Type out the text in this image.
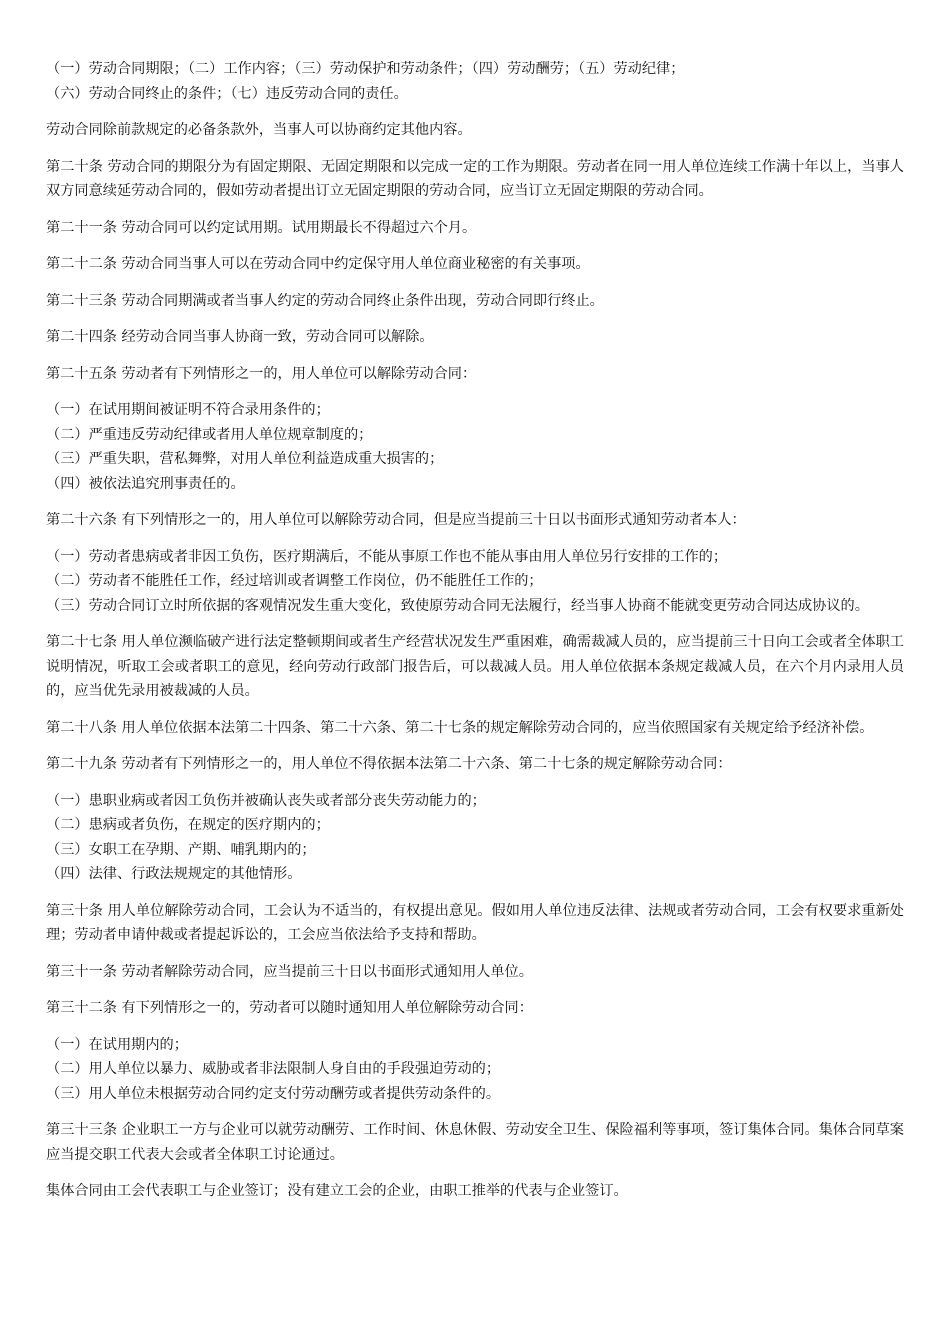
（一）劳动合同期限；（二）工作内容；（三）劳动保护和劳动条件；（四）劳动酬劳；（五）劳动纪律；
（六）劳动合同终止的条件；（七）违反劳动合同的责任。

劳动合同除前款规定的必备条款外，当事人可以协商约定其他内容。

第二十条 劳动合同的期限分为有固定期限、无固定期限和以完成一定的工作为期限。劳动者在同一用人单位连续工作满十年以上，当事人双方同意续延劳动合同的，假如劳动者提出订立无固定期限的劳动合同，应当订立无固定期限的劳动合同。

第二十一条 劳动合同可以约定试用期。试用期最长不得超过六个月。

第二十二条 劳动合同当事人可以在劳动合同中约定保守用人单位商业秘密的有关事项。

第二十三条 劳动合同期满或者当事人约定的劳动合同终止条件出现，劳动合同即行终止。

第二十四条 经劳动合同当事人协商一致，劳动合同可以解除。

第二十五条 劳动者有下列情形之一的，用人单位可以解除劳动合同：

（一）在试用期间被证明不符合录用条件的；
（二）严重违反劳动纪律或者用人单位规章制度的；
（三）严重失职，营私舞弊，对用人单位利益造成重大损害的；
（四）被依法追究刑事责任的。

第二十六条 有下列情形之一的，用人单位可以解除劳动合同，但是应当提前三十日以书面形式通知劳动者本人：

（一）劳动者患病或者非因工负伤，医疗期满后，不能从事原工作也不能从事由用人单位另行安排的工作的；
（二）劳动者不能胜任工作，经过培训或者调整工作岗位，仍不能胜任工作的；
（三）劳动合同订立时所依据的客观情况发生重大变化，致使原劳动合同无法履行，经当事人协商不能就变更劳动合同达成协议的。

第二十七条 用人单位濒临破产进行法定整顿期间或者生产经营状况发生严重困难，确需裁减人员的，应当提前三十日向工会或者全体职工说明情况，听取工会或者职工的意见，经向劳动行政部门报告后，可以裁减人员。用人单位依据本条规定裁减人员，在六个月内录用人员的，应当优先录用被裁减的人员。

第二十八条 用人单位依据本法第二十四条、第二十六条、第二十七条的规定解除劳动合同的，应当依照国家有关规定给予经济补偿。

第二十九条 劳动者有下列情形之一的，用人单位不得依据本法第二十六条、第二十七条的规定解除劳动合同：

（一）患职业病或者因工负伤并被确认丧失或者部分丧失劳动能力的；
（二）患病或者负伤，在规定的医疗期内的；
（三）女职工在孕期、产期、哺乳期内的；
（四）法律、行政法规规定的其他情形。

第三十条 用人单位解除劳动合同，工会认为不适当的，有权提出意见。假如用人单位违反法律、法规或者劳动合同，工会有权要求重新处理；劳动者申请仲裁或者提起诉讼的，工会应当依法给予支持和帮助。

第三十一条 劳动者解除劳动合同，应当提前三十日以书面形式通知用人单位。

第三十二条 有下列情形之一的，劳动者可以随时通知用人单位解除劳动合同：

（一）在试用期内的；
（二）用人单位以暴力、威胁或者非法限制人身自由的手段强迫劳动的；
（三）用人单位未根据劳动合同约定支付劳动酬劳或者提供劳动条件的。

第三十三条 企业职工一方与企业可以就劳动酬劳、工作时间、休息休假、劳动安全卫生、保险福利等事项，签订集体合同。集体合同草案应当提交职工代表大会或者全体职工讨论通过。

集体合同由工会代表职工与企业签订；没有建立工会的企业，由职工推举的代表与企业签订。
